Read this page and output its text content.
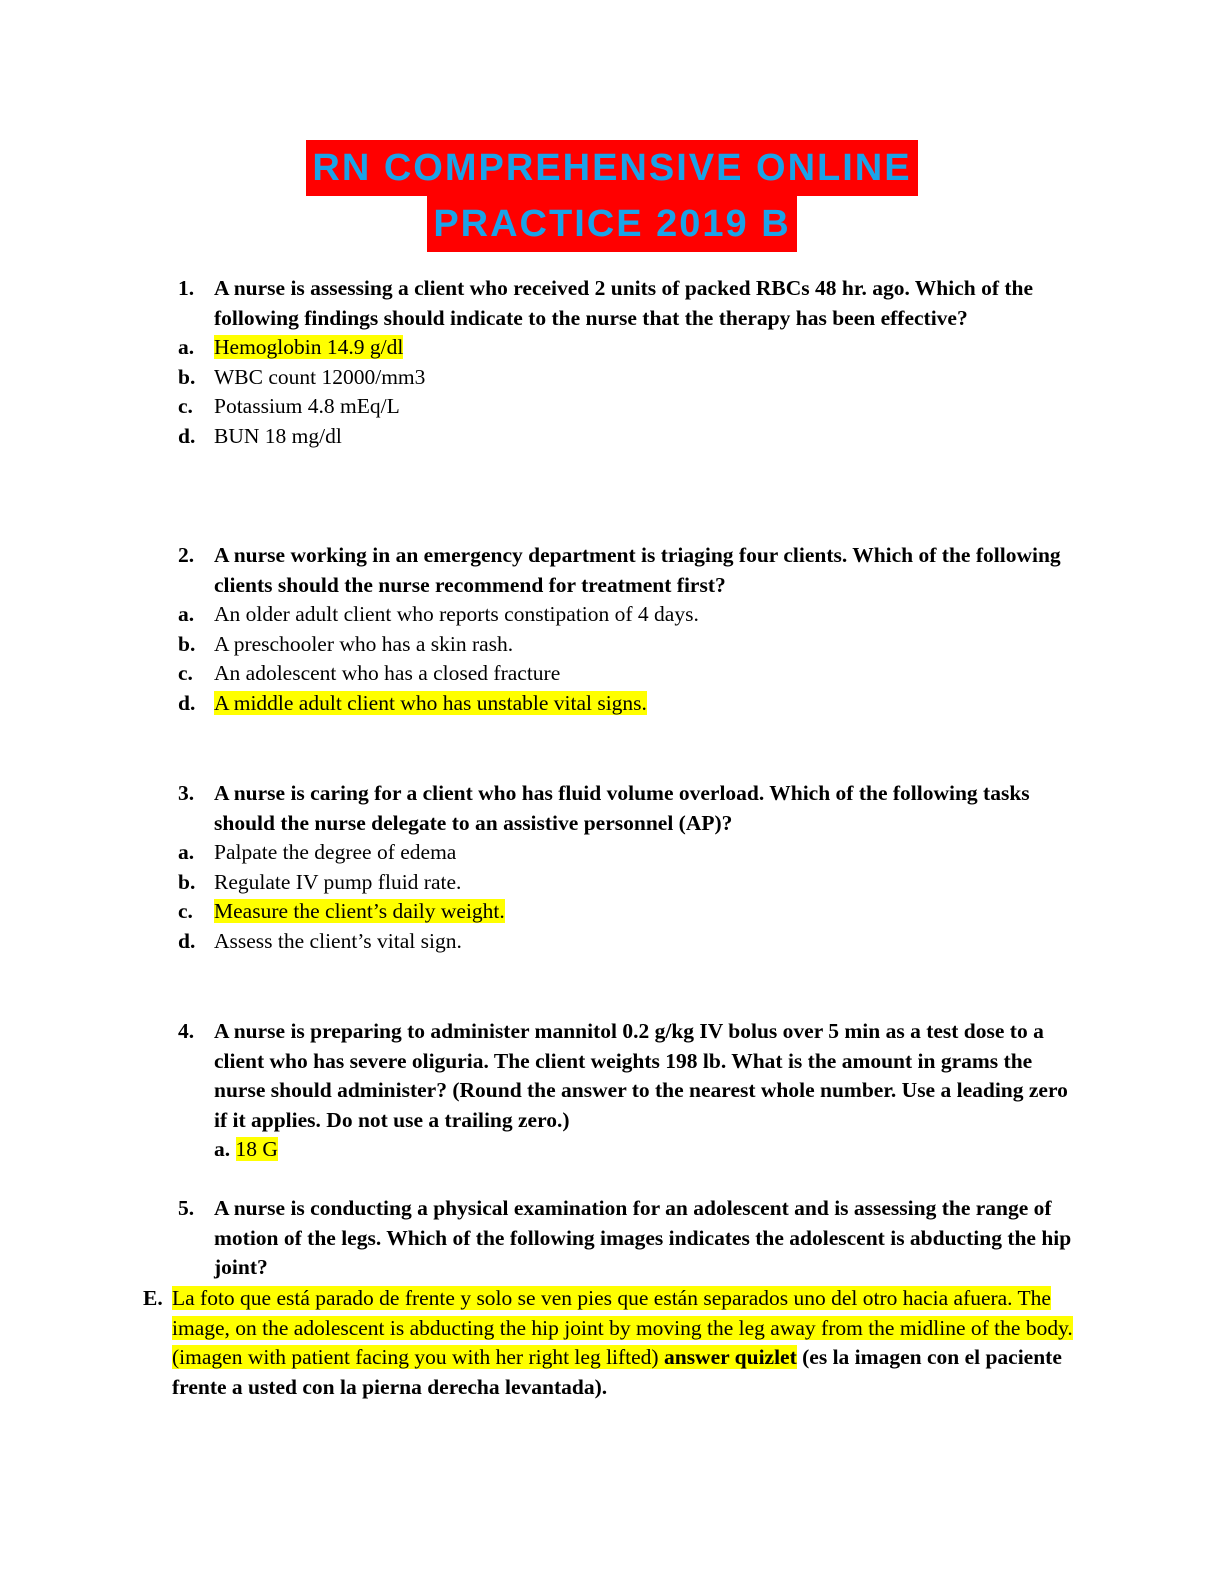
RN COMPREHENSIVE ONLINE
PRACTICE 2019 B
1. A nurse is assessing a client who received 2 units of packed RBCs 48 hr. ago. Which of the following findings should indicate to the nurse that the therapy has been effective?
a. Hemoglobin 14.9 g/dl
b. WBC count 12000/mm3
c. Potassium 4.8 mEq/L
d. BUN 18 mg/dl
2. A nurse working in an emergency department is triaging four clients. Which of the following clients should the nurse recommend for treatment first?
a. An older adult client who reports constipation of 4 days.
b. A preschooler who has a skin rash.
c. An adolescent who has a closed fracture
d. A middle adult client who has unstable vital signs.
3. A nurse is caring for a client who has fluid volume overload. Which of the following tasks should the nurse delegate to an assistive personnel (AP)?
a. Palpate the degree of edema
b. Regulate IV pump fluid rate.
c. Measure the client’s daily weight.
d. Assess the client’s vital sign.
4. A nurse is preparing to administer mannitol 0.2 g/kg IV bolus over 5 min as a test dose to a client who has severe oliguria. The client weights 198 lb. What is the amount in grams the nurse should administer? (Round the answer to the nearest whole number. Use a leading zero if it applies. Do not use a trailing zero.)
a. 18 G
5. A nurse is conducting a physical examination for an adolescent and is assessing the range of motion of the legs. Which of the following images indicates the adolescent is abducting the hip joint?
E. La foto que está parado de frente y solo se ven pies que están separados uno del otro hacia afuera. The image, on the adolescent is abducting the hip joint by moving the leg away from the midline of the body. (imagen with patient facing you with her right leg lifted) answer quizlet (es la imagen con el paciente frente a usted con la pierna derecha levantada).
